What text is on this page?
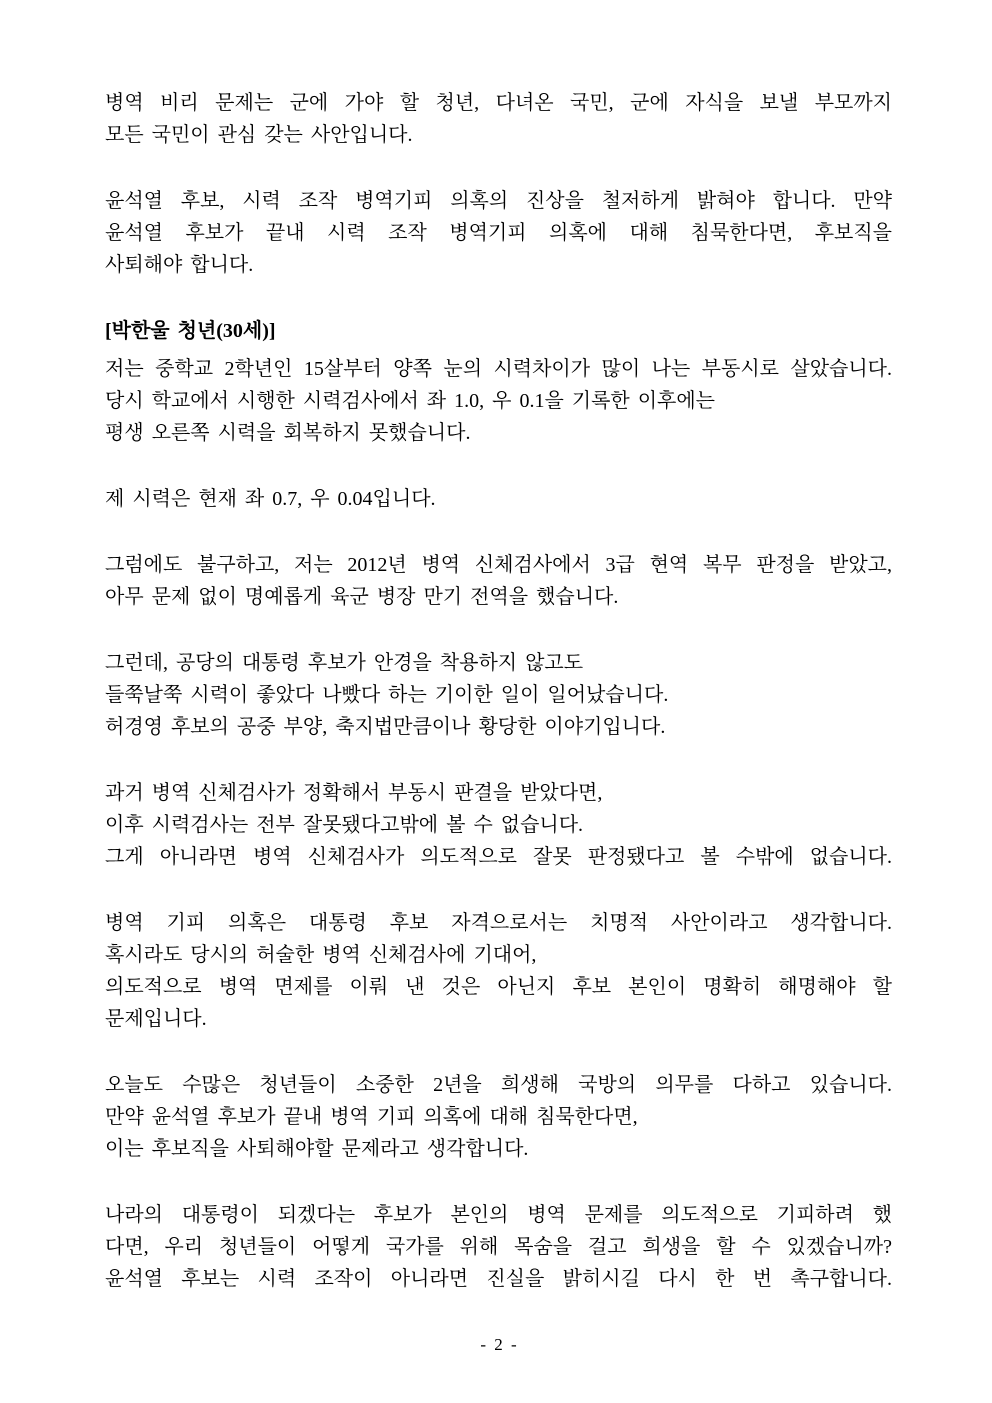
병역 비리 문제는 군에 가야 할 청년, 다녀온 국민, 군에 자식을 보낼 부모까지
모든 국민이 관심 갖는 사안입니다.
윤석열 후보, 시력 조작 병역기피 의혹의 진상을 철저하게 밝혀야 합니다. 만약
윤석열 후보가 끝내 시력 조작 병역기피 의혹에 대해 침묵한다면, 후보직을
사퇴해야 합니다.
[박한울 청년(30세)]
저는 중학교 2학년인 15살부터 양쪽 눈의 시력차이가 많이 나는 부동시로 살았습니다.
당시 학교에서 시행한 시력검사에서 좌 1.0, 우 0.1을 기록한 이후에는
평생 오른쪽 시력을 회복하지 못했습니다.
제 시력은 현재 좌 0.7, 우 0.04입니다.
그럼에도 불구하고, 저는 2012년 병역 신체검사에서 3급 현역 복무 판정을 받았고,
아무 문제 없이 명예롭게 육군 병장 만기 전역을 했습니다.
그런데, 공당의 대통령 후보가 안경을 착용하지 않고도
들쭉날쭉 시력이 좋았다 나빴다 하는 기이한 일이 일어났습니다.
허경영 후보의 공중 부양, 축지법만큼이나 황당한 이야기입니다.
과거 병역 신체검사가 정확해서 부동시 판결을 받았다면,
이후 시력검사는 전부 잘못됐다고밖에 볼 수 없습니다.
그게 아니라면 병역 신체검사가 의도적으로 잘못 판정됐다고 볼 수밖에 없습니다.
병역 기피 의혹은 대통령 후보 자격으로서는 치명적 사안이라고 생각합니다.
혹시라도 당시의 허술한 병역 신체검사에 기대어,
의도적으로 병역 면제를 이뤄 낸 것은 아닌지 후보 본인이 명확히 해명해야 할
문제입니다.
오늘도 수많은 청년들이 소중한 2년을 희생해 국방의 의무를 다하고 있습니다.
만약 윤석열 후보가 끝내 병역 기피 의혹에 대해 침묵한다면,
이는 후보직을 사퇴해야할 문제라고 생각합니다.
나라의 대통령이 되겠다는 후보가 본인의 병역 문제를 의도적으로 기피하려 했
다면, 우리 청년들이 어떻게 국가를 위해 목숨을 걸고 희생을 할 수 있겠습니까?
윤석열 후보는 시력 조작이 아니라면 진실을 밝히시길 다시 한 번 촉구합니다.
- 2 -
